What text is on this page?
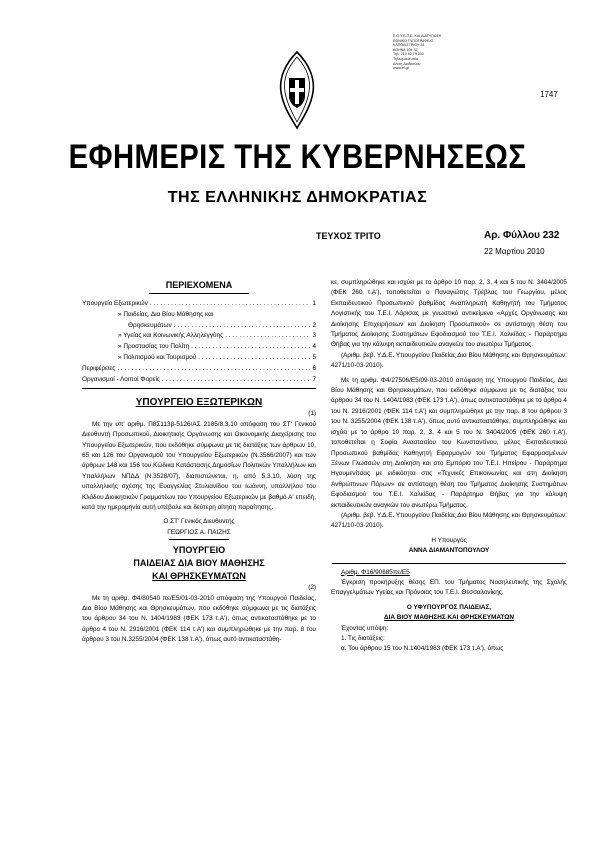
Ε.Θ.Υ.Ε.Π.Ε. ΚΑΙ ΔΙΑΤΥΠΩΣΗ
ΕΘΝΙΚΟ ΤΥΠΟΓΡΑΦΕΙΟ
ΚΑΠΟΔΙΣΤΡΙΟΥ 34
ΑΘΗΝΑ 104 32
Τηλ. 210 52 79 000
Τηλεομοιοτυπία
Δ/νση Διαδικτύου
www.et.gr
1747
ΕΦΗΜΕΡΙΣ ΤΗΣ ΚΥΒΕΡΝΗΣΕΩΣ
ΤΗΣ ΕΛΛΗΝΙΚΗΣ ΔΗΜΟΚΡΑΤΙΑΣ
ΤΕΥΧΟΣ ΤΡΙΤΟ	Αρ. Φύλλου 232
22 Μαρτίου 2010
ΠΕΡΙΕΧΟΜΕΝΑ
Υπουργείο Εξωτερικών . . .	1
» Παιδείας, Δια Βίου Μάθησης και
Θρησκευμάτων . . .	2
» Υγείας και Κοινωνικής Αλληλεγγύης . . .	3
» Προστασίας του Πολίτη . . .	4
» Πολιτισμού και Τουρισμού . . .	5
Περιφέρειες . . .	6
Οργανισμοί - Λοιποί Φορείς . . .	7
ΥΠΟΥΡΓΕΙΟ ΕΞΩΤΕΡΙΚΩΝ
(1)

Με την υπ' αριθμ. Π8Σ113β-5126/ΑΣ 2185/8.3.10 απόφαση του ΣΤ' Γενικού Διευθυντή Προσωπικού, Διοικητικής Οργάνωσης και Οικονομικής Διαχείρισης του Υπουργείου Εξωτερικών, που εκδόθηκε σύμφωνα με τις διατάξεις των άρθρων 10, 65 και 126 του Οργανισμού του Υπουργείου Εξωτερικών (Ν.3566/2007) και των άρθρων 148 και 156 του Κώδικα Κατάστασης Δημοσίων Πολιτικών Υπαλλήλων και Υπαλλήλων ΝΠΔΔ (Ν.3528/07), διαπιστώνεται, η, από 5.3.10, λύση της υπαλληλικής σχέσης της Ευαγγελίας Στυλιανίδου του Ιωάννη, υπαλλήλου του Κλάδου Διοικητικών Γραμματέων του Υπουργείου Εξωτερικών με βαθμό Α' επειδή, κατά την ημερομηνία αυτή υπέβαλε και δεύτερη αίτηση παραίτησης.

Ο ΣΤ' Γενικός Διευθυντής
ΓΕΩΡΓΙΟΣ Α. ΠΑΙΖΗΣ
ΥΠΟΥΡΓΕΙΟ
ΠΑΙΔΕΙΑΣ ΔΙΑ ΒΙΟΥ ΜΑΘΗΣΗΣ
ΚΑΙ ΘΡΗΣΚΕΥΜΑΤΩΝ
(2)

Με τη αριθμ. Φ4/80540 πε/Ε5/01-03-2010 απόφαση της Υπουργού Παιδείας, Δια Βίου Μάθησης και Θρησκευμάτων, που εκδόθηκε σύμφωνα με τις διατάξεις του άρθρου 34 του Ν. 1404/1983 (ΦΕΚ 173 τ.Α'), όπως αντικαταστάθηκε με το άρθρο 4 του Ν. 2916/2001 (ΦΕΚ 114 τ.Α') και συμπληρώθηκε με την παρ. 8 του άρθρου 3 του Ν.3255/2004 (ΦΕΚ 138 τ.Α'), όπως αυτό αντικαταστάθη-

κε, συμπληρώθηκε και ισχύει με το άρθρο 10 παρ. 2, 3, 4 και 5 του Ν. 3404/2005 (ΦΕΚ 260 τ.Α'), τοποθετείται ο Παναγιώτης Τρέβλας του Γεωργίου, μέλος Εκπαιδευτικού Προσωπικού βαθμίδας Αναπληρωτή Καθηγητή του Τμήματος Λογιστικής του Τ.Ε.Ι. Λάρισας με γνωστικό αντικείμενο «Αρχές Οργάνωσης και Διοίκησης Επιχειρήσεων και Διοίκηση Προσωπικού» σε αντίστοιχη θέση του Τμήματος Διοίκησης Συστημάτων Εφοδιασμού του Τ.Ε.Ι. Χαλκίδας - Παράρτημα Θήβας για την κάλυψη εκπαιδευτικών αναγκών του ανωτέρω Τμήματος.

(Αριθμ. βεβ. Υ.Δ.Ε. Υπουργείου Παιδείας Δια Βίου Μάθησης και Θρησκευμάτων: 4271/10-03-2010).

Με τη αριθμ. Φ4/27506/Ε5/09-03-2010 απόφαση της Υπουργού Παιδείας, Δια Βίου Μάθησης και Θρησκευμάτων, που εκδόθηκε σύμφωνα με τις διατάξεις του άρθρου 34 του Ν. 1404/1983 (ΦΕΚ 173 τ.Α'), όπως αντικαταστάθηκε με το άρθρο 4 του Ν. 2916/2001 (ΦΕΚ 114 τ.Α') και συμπληρώθηκε με την παρ. 8 του άρθρου 3 του Ν. 3255/2004 (ΦΕΚ 138 τ.Α'), όπως αυτό αντικαταστάθηκε, συμπληρώθηκε και ισχύει με το άρθρο 10 παρ. 2, 3, 4 και 5 του Ν. 3404/2005 (ΦΕΚ 260 τ.Α'), τοποθετείται η Σοφία Αναστασίου του Κωνσταντίνου, μέλος Εκπαιδευτικού Προσωπικού βαθμίδας Καθηγητή Εφαρμογών του Τμήματος Εφαρμοσμένων Ξένων Γλωσσών στη Διοίκηση και στο Εμπόριο του Τ.Ε.Ι. Ηπείρου - Παράρτημα Ηγουμενίτσας με ειδικότητα στις «Τεχνικές Επικοινωνίας και στη Διοίκηση Ανθρώπινων Πόρων» σε αντίστοιχη θέση του Τμήματος Διοίκησης Συστημάτων Εφοδιασμού του Τ.Ε.Ι. Χαλκίδας - Παράρτημα Θήβας για την κάλυψη εκπαιδευτικών αναγκών του ανωτέρω Τμήματος.

(Αριθμ. βεβ. Υ.Δ.Ε. Υπουργείου Παιδείας Δια Βίου Μάθησης και Θρησκευμάτων: 4271/10-03-2010).

Η Υπουργός
ΑΝΝΑ ΔΙΑΜΑΝΤΟΠΟΥΛΟΥ
Αριθμ. Φ16/90685πε/Ε5

Έγκριση προκήρυξης θέσης ΕΠ. του Τμήματος Νοσηλευτικής της Σχολής Επαγγελμάτων Υγείας και Πρόνοιας του Τ.Ε.Ι. Θεσσαλονίκης.

Ο ΥΦΥΠΟΥΡΓΟΣ ΠΑΙΔΕΙΑΣ,
ΔΙΑ ΒΙΟΥ ΜΑΘΗΣΗΣ ΚΑΙ ΘΡΗΣΚΕΥΜΑΤΩΝ

Έχοντας υπόψη:

1. Τις διατάξεις:

α. Του άρθρου 15 του Ν.1404/1983 (ΦΕΚ 173 τ.Α'), όπως
